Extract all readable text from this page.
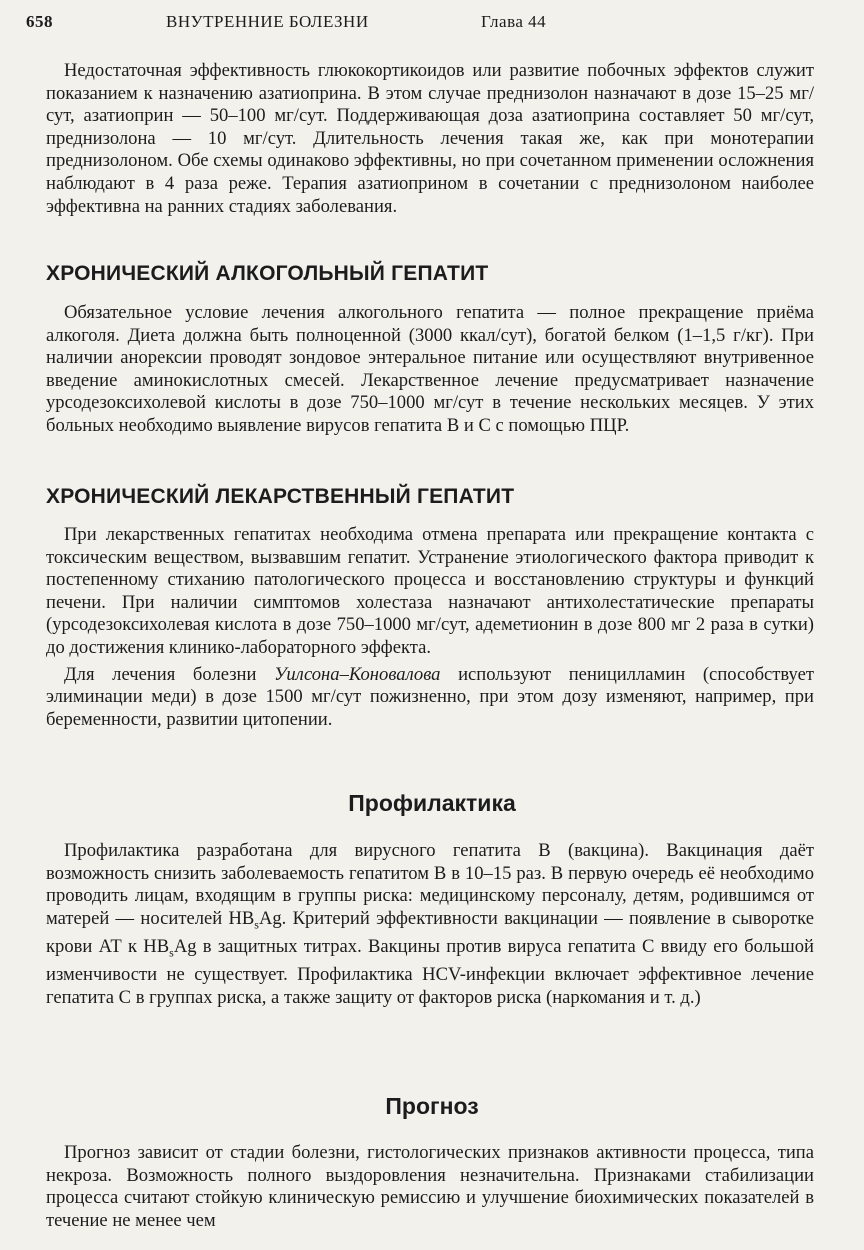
658	ВНУТРЕННИЕ БОЛЕЗНИ	Глава 44

Недостаточная эффективность глюкокортикоидов или развитие побочных эффектов служит показанием к назначению азатиоприна. В этом случае преднизолон назначают в дозе 15–25 мг/сут, азатиоприн — 50–100 мг/сут. Поддерживающая доза азатиоприна составляет 50 мг/сут, преднизолона — 10 мг/сут. Длительность лечения такая же, как при монотерапии преднизолоном. Обе схемы одинаково эффективны, но при сочетанном применении осложнения наблюдают в 4 раза реже. Терапия азатиоприном в сочетании с преднизолоном наиболее эффективна на ранних стадиях заболевания.

ХРОНИЧЕСКИЙ АЛКОГОЛЬНЫЙ ГЕПАТИТ

Обязательное условие лечения алкогольного гепатита — полное прекращение приёма алкоголя. Диета должна быть полноценной (3000 ккал/сут), богатой белком (1–1,5 г/кг). При наличии анорексии проводят зондовое энтеральное питание или осуществляют внутривенное введение аминокислотных смесей. Лекарственное лечение предусматривает назначение урсодезоксихолевой кислоты в дозе 750–1000 мг/сут в течение нескольких месяцев. У этих больных необходимо выявление вирусов гепатита B и C с помощью ПЦР.

ХРОНИЧЕСКИЙ ЛЕКАРСТВЕННЫЙ ГЕПАТИТ

При лекарственных гепатитах необходима отмена препарата или прекращение контакта с токсическим веществом, вызвавшим гепатит. Устранение этиологического фактора приводит к постепенному стиханию патологического процесса и восстановлению структуры и функций печени. При наличии симптомов холестаза назначают антихолестатические препараты (урсодезоксихолевая кислота в дозе 750–1000 мг/сут, адеметионин в дозе 800 мг 2 раза в сутки) до достижения клинико-лабораторного эффекта.

Для лечения болезни Уилсона–Коновалова используют пеницилламин (способствует элиминации меди) в дозе 1500 мг/сут пожизненно, при этом дозу изменяют, например, при беременности, развитии цитопении.

Профилактика

Профилактика разработана для вирусного гепатита B (вакцина). Вакцинация даёт возможность снизить заболеваемость гепатитом B в 10–15 раз. В первую очередь её необходимо проводить лицам, входящим в группы риска: медицинскому персоналу, детям, родившимся от матерей — носителей $HB_sAg$. Критерий эффективности вакцинации — появление в сыворотке крови АТ к $HB_sAg$ в защитных титрах. Вакцины против вируса гепатита C ввиду его большой изменчивости не существует. Профилактика HCV-инфекции включает эффективное лечение гепатита C в группах риска, а также защиту от факторов риска (наркомания и т. д.)

Прогноз

Прогноз зависит от стадии болезни, гистологических признаков активности процесса, типа некроза. Возможность полного выздоровления незначительна. Признаками стабилизации процесса считают стойкую клиническую ремиссию и улучшение биохимических показателей в течение не менее чем
